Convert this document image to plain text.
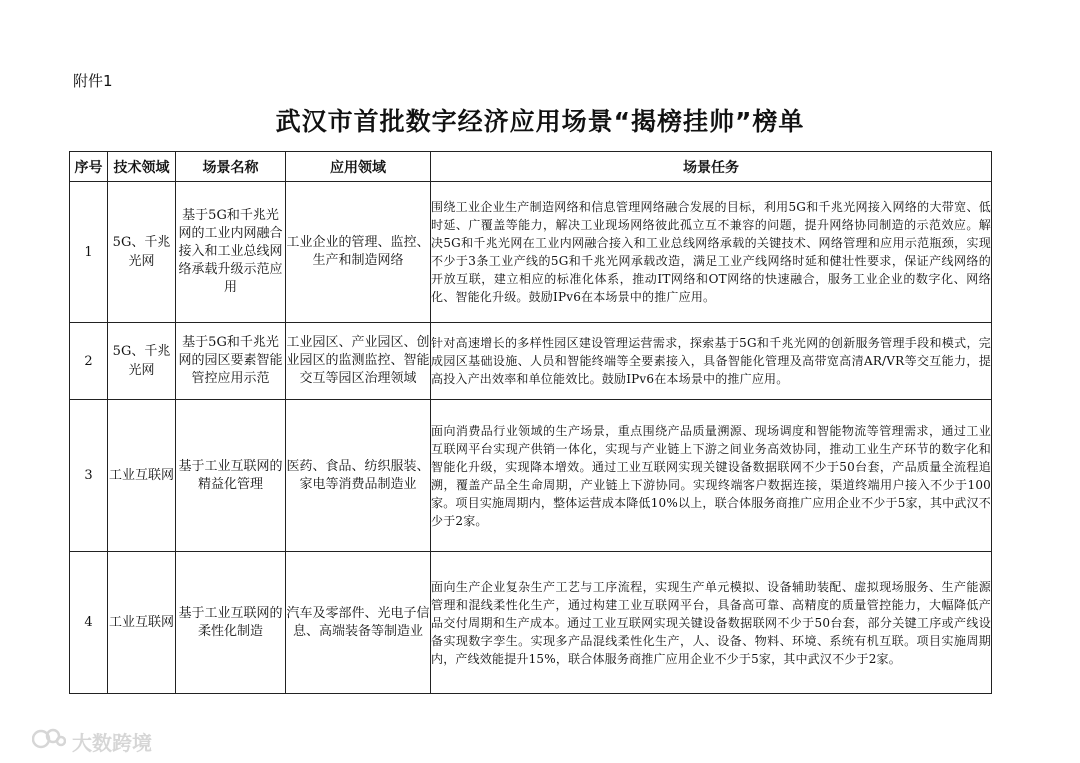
附件1
武汉市首批数字经济应用场景“揭榜挂帅”榜单
序号	技术领域	场景名称	应用领域	场景任务
1	5G、千兆光网	基于5G和千兆光网的工业内网融合接入和工业总线网络承载升级示范应用	工业企业的管理、监控、生产和制造网络	围绕工业企业生产制造网络和信息管理网络融合发展的目标，利用5G和千兆光网接入网络的大带宽、低时延、广覆盖等能力，解决工业现场网络彼此孤立互不兼容的问题，提升网络协同制造的示范效应。解决5G和千兆光网在工业内网融合接入和工业总线网络承载的关键技术、网络管理和应用示范瓶颈，实现不少于3条工业产线的5G和千兆光网承载改造，满足工业产线网络时延和健壮性要求，保证产线网络的开放互联，建立相应的标准化体系，推动IT网络和OT网络的快速融合，服务工业企业的数字化、网络化、智能化升级。鼓励IPv6在本场景中的推广应用。
2	5G、千兆光网	基于5G和千兆光网的园区要素智能管控应用示范	工业园区、产业园区、创业园区的监测监控、智能交互等园区治理领域	针对高速增长的多样性园区建设管理运营需求，探索基于5G和千兆光网的创新服务管理手段和模式，完成园区基础设施、人员和智能终端等全要素接入，具备智能化管理及高带宽高清AR/VR等交互能力，提高投入产出效率和单位能效比。鼓励IPv6在本场景中的推广应用。
3	工业互联网	基于工业互联网的精益化管理	医药、食品、纺织服装、家电等消费品制造业	面向消费品行业领域的生产场景，重点围绕产品质量溯源、现场调度和智能物流等管理需求，通过工业互联网平台实现产供销一体化，实现与产业链上下游之间业务高效协同，推动工业生产环节的数字化和智能化升级，实现降本增效。通过工业互联网实现关键设备数据联网不少于50台套，产品质量全流程追溯，覆盖产品全生命周期，产业链上下游协同。实现终端客户数据连接，渠道终端用户接入不少于100家。项目实施周期内，整体运营成本降低10%以上，联合体服务商推广应用企业不少于5家，其中武汉不少于2家。
4	工业互联网	基于工业互联网的柔性化制造	汽车及零部件、光电子信息、高端装备等制造业	面向生产企业复杂生产工艺与工序流程，实现生产单元模拟、设备辅助装配、虚拟现场服务、生产能源管理和混线柔性化生产，通过构建工业互联网平台，具备高可靠、高精度的质量管控能力，大幅降低产品交付周期和生产成本。通过工业互联网实现关键设备数据联网不少于50台套，部分关键工序或产线设备实现数字孪生。实现多产品混线柔性化生产，人、设备、物料、环境、系统有机互联。项目实施周期内，产线效能提升15%，联合体服务商推广应用企业不少于5家，其中武汉不少于2家。
大数跨境
